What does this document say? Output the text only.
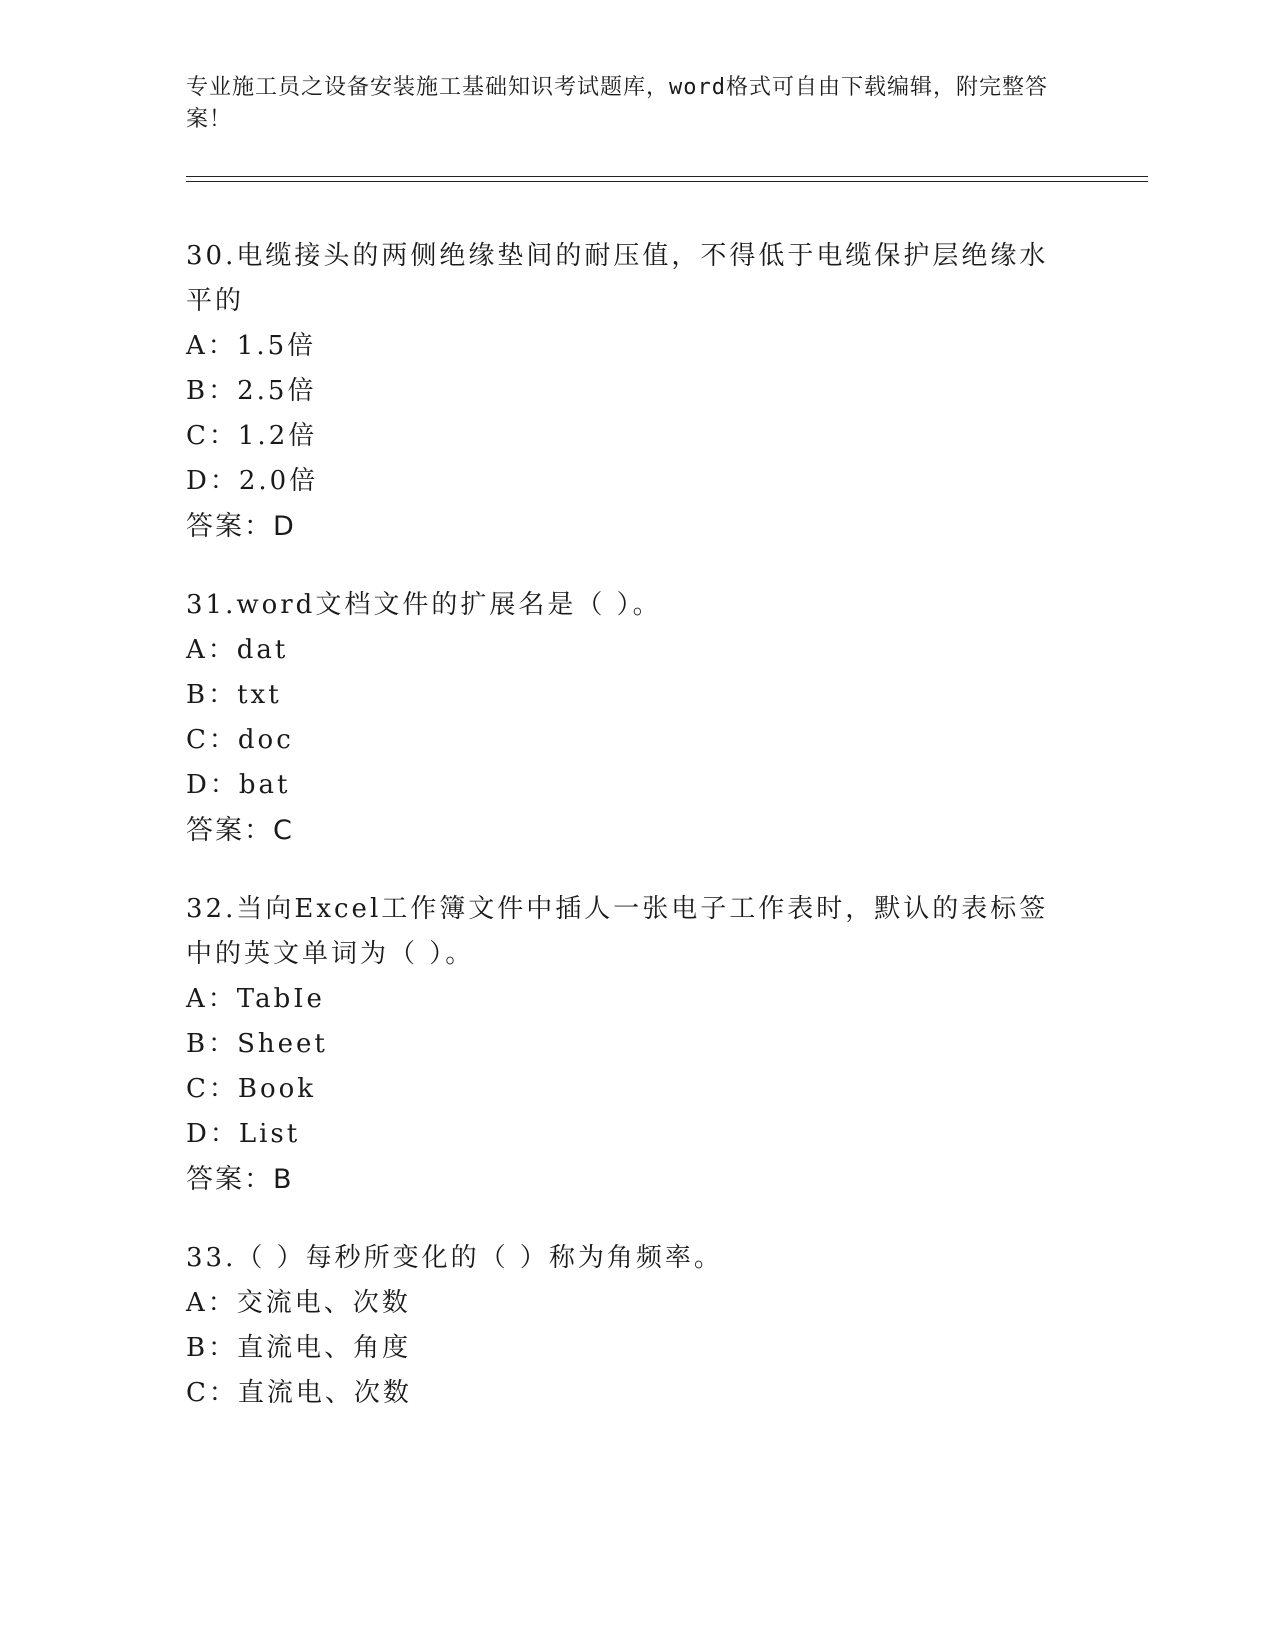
专业施工员之设备安装施工基础知识考试题库，word格式可自由下载编辑，附完整答案！
30.电缆接头的两侧绝缘垫间的耐压值，不得低于电缆保护层绝缘水平的
A：1.5倍
B：2.5倍
C：1.2倍
D：2.0倍
答案：D
31.word文档文件的扩展名是（ ）。
A：dat
B：txt
C：doc
D：bat
答案：C
32.当向Excel工作簿文件中插人一张电子工作表时，默认的表标签中的英文单词为（ ）。
A：TabIe
B：Sheet
C：Book
D：List
答案：B
33.（ ）每秒所变化的（ ）称为角频率。
A：交流电、次数
B：直流电、角度
C：直流电、次数
